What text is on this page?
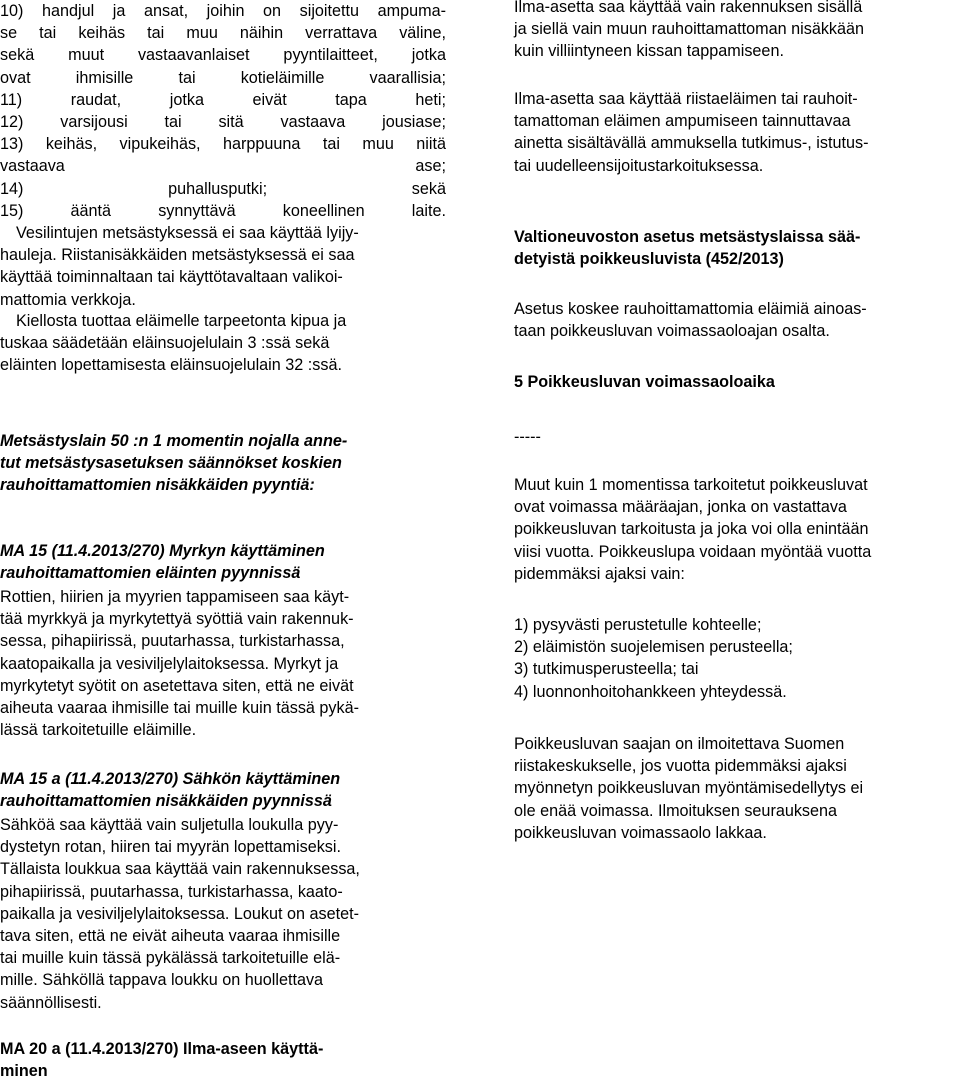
10) handjul ja ansat, joihin on sijoitettu ampuma-
se tai keihäs tai muu näihin verrattava väline,
sekä muut vastaavanlaiset pyyntilaitteet, jotka
ovat ihmisille tai kotieläimille vaarallisia;
11) raudat, jotka eivät tapa heti;
12) varsijousi tai sitä vastaava jousiase;
13) keihäs, vipukeihäs, harppuuna tai muu niitä
vastaava ase;
14) puhallusputki; sekä
15) ääntä synnyttävä koneellinen laite.
Vesilintujen metsästyksessä ei saa käyttää lyijy-
hauleja. Riistanisäkkäiden metsästyksessä ei saa
käyttää toiminnaltaan tai käyttötavaltaan valikoi-
mattomia verkkoja.
Kiellosta tuottaa eläimelle tarpeetonta kipua ja
tuskaa säädetään eläinsuojelulain 3 :ssä sekä
eläinten lopettamisesta eläinsuojelulain 32 :ssä.
Metsästyslain 50 :n 1 momentin nojalla anne-
tut metsästysasetuksen säännökset koskien
rauhoittamattomien nisäkkäiden pyyntiä:
MA 15 (11.4.2013/270) Myrkyn käyttäminen
rauhoittamattomien eläinten pyynnissä
Rottien, hiirien ja myyrien tappamiseen saa käyt-
tää myrkkyä ja myrkytettyä syöttiä vain rakennuk-
sessa, pihapiirissä, puutarhassa, turkistarhassa,
kaatopaikalla ja vesiviljelylaitoksessa. Myrkyt ja
myrkytetyt syötit on asetettava siten, että ne eivät
aiheuta vaaraa ihmisille tai muille kuin tässä pykä-
lässä tarkoitetuille eläimille.
MA 15 a (11.4.2013/270) Sähkön käyttäminen
rauhoittamattomien nisäkkäiden pyynnissä
Sähköä saa käyttää vain suljetulla loukulla pyy-
dystetyn rotan, hiiren tai myyrän lopettamiseksi.
Tällaista loukkua saa käyttää vain rakennuksessa,
pihapiirissä, puutarhassa, turkistarhassa, kaato-
paikalla ja vesiviljelylaitoksessa. Loukut on asetet-
tava siten, että ne eivät aiheuta vaaraa ihmisille
tai muille kuin tässä pykälässä tarkoitetuille elä-
mille. Sähköllä tappava loukku on huollettava
säännöllisesti.
MA 20 a (11.4.2013/270) Ilma-aseen käyttä-
minen
Ilma-asetta saa käyttää vain rakennuksen sisällä
ja siellä vain muun rauhoittamattoman nisäkkään
kuin villiintyneen kissan tappamiseen.
Ilma-asetta saa käyttää riistaeläimen tai rauhoit-
tamattoman eläimen ampumiseen tainnuttavaa
ainetta sisältävällä ammuksella tutkimus-, istutus-
tai uudelleensijoitustarkoituksessa.
Valtioneuvoston asetus metsästyslaissa sää-
detyistä poikkeusluvista (452/2013)
Asetus koskee rauhoittamattomia eläimiä ainoas-
taan poikkeusluvan voimassaoloajan osalta.
5 Poikkeusluvan voimassaoloaika
-----
Muut kuin 1 momentissa tarkoitetut poikkeusluvat
ovat voimassa määräajan, jonka on vastattava
poikkeusluvan tarkoitusta ja joka voi olla enintään
viisi vuotta. Poikkeuslupa voidaan myöntää vuotta
pidemmäksi ajaksi vain:
1) pysyvästi perustetulle kohteelle;
2) eläimistön suojelemisen perusteella;
3) tutkimusperusteella; tai
4) luonnonhoitohankkeen yhteydessä.
Poikkeusluvan saajan on ilmoitettava Suomen
riistakeskukselle, jos vuotta pidemmäksi ajaksi
myönnetyn poikkeusluvan myöntämisedellytys ei
ole enää voimassa. Ilmoituksen seurauksena
poikkeusluvan voimassaolo lakkaa.
